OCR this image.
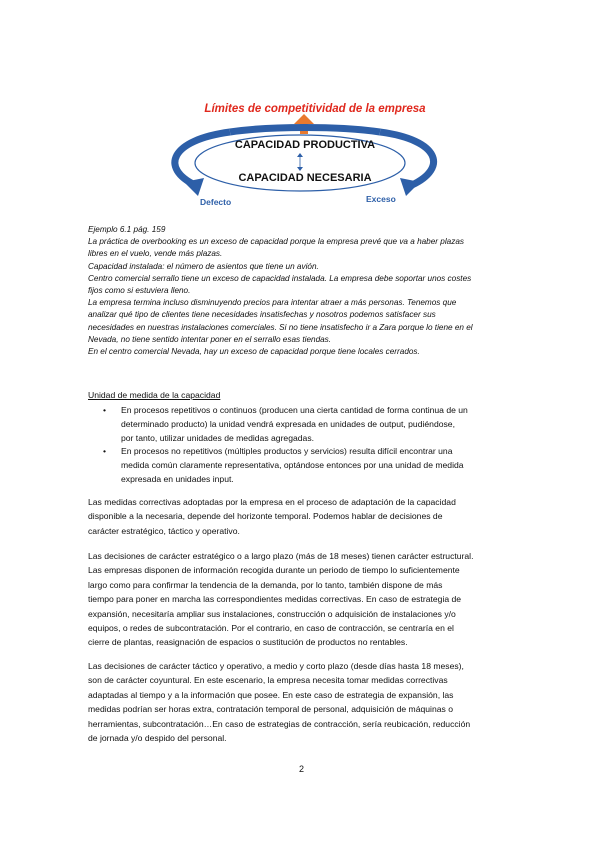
Límites de competitividad de la empresa
CAPACIDAD PRODUCTIVA
CAPACIDAD NECESARIA
Defecto	Exceso
Ejemplo 6.1 pág. 159
La práctica de overbooking es un exceso de capacidad porque la empresa prevé que va a haber plazas
libres en el vuelo, vende más plazas.
Capacidad instalada: el número de asientos que tiene un avión.
Centro comercial serrallo tiene un exceso de capacidad instalada. La empresa debe soportar unos costes
fijos como si estuviera lleno.
La empresa termina incluso disminuyendo precios para intentar atraer a más personas. Tenemos que
analizar qué tipo de clientes tiene necesidades insatisfechas y nosotros podemos satisfacer sus
necesidades en nuestras instalaciones comerciales. Si no tiene insatisfecho ir a Zara porque lo tiene en el
Nevada, no tiene sentido intentar poner en el serrallo esas tiendas.
En el centro comercial Nevada, hay un exceso de capacidad porque tiene locales cerrados.
Unidad de medida de la capacidad
• En procesos repetitivos o continuos (producen una cierta cantidad de forma continua de un
determinado producto) la unidad vendrá expresada en unidades de output, pudiéndose,
por tanto, utilizar unidades de medidas agregadas.
• En procesos no repetitivos (múltiples productos y servicios) resulta difícil encontrar una
medida común claramente representativa, optándose entonces por una unidad de medida
expresada en unidades input.
Las medidas correctivas adoptadas por la empresa en el proceso de adaptación de la capacidad
disponible a la necesaria, depende del horizonte temporal. Podemos hablar de decisiones de
carácter estratégico, táctico y operativo.
Las decisiones de carácter estratégico o a largo plazo (más de 18 meses) tienen carácter estructural.
Las empresas disponen de información recogida durante un periodo de tiempo lo suficientemente
largo como para confirmar la tendencia de la demanda, por lo tanto, también dispone de más
tiempo para poner en marcha las correspondientes medidas correctivas. En caso de estrategia de
expansión, necesitaría ampliar sus instalaciones, construcción o adquisición de instalaciones y/o
equipos, o redes de subcontratación. Por el contrario, en caso de contracción, se centraría en el
cierre de plantas, reasignación de espacios o sustitución de productos no rentables.
Las decisiones de carácter táctico y operativo, a medio y corto plazo (desde días hasta 18 meses),
son de carácter coyuntural. En este escenario, la empresa necesita tomar medidas correctivas
adaptadas al tiempo y a la información que posee. En este caso de estrategia de expansión, las
medidas podrían ser horas extra, contratación temporal de personal, adquisición de máquinas o
herramientas, subcontratación…En caso de estrategias de contracción, sería reubicación, reducción
de jornada y/o despido del personal.
2
